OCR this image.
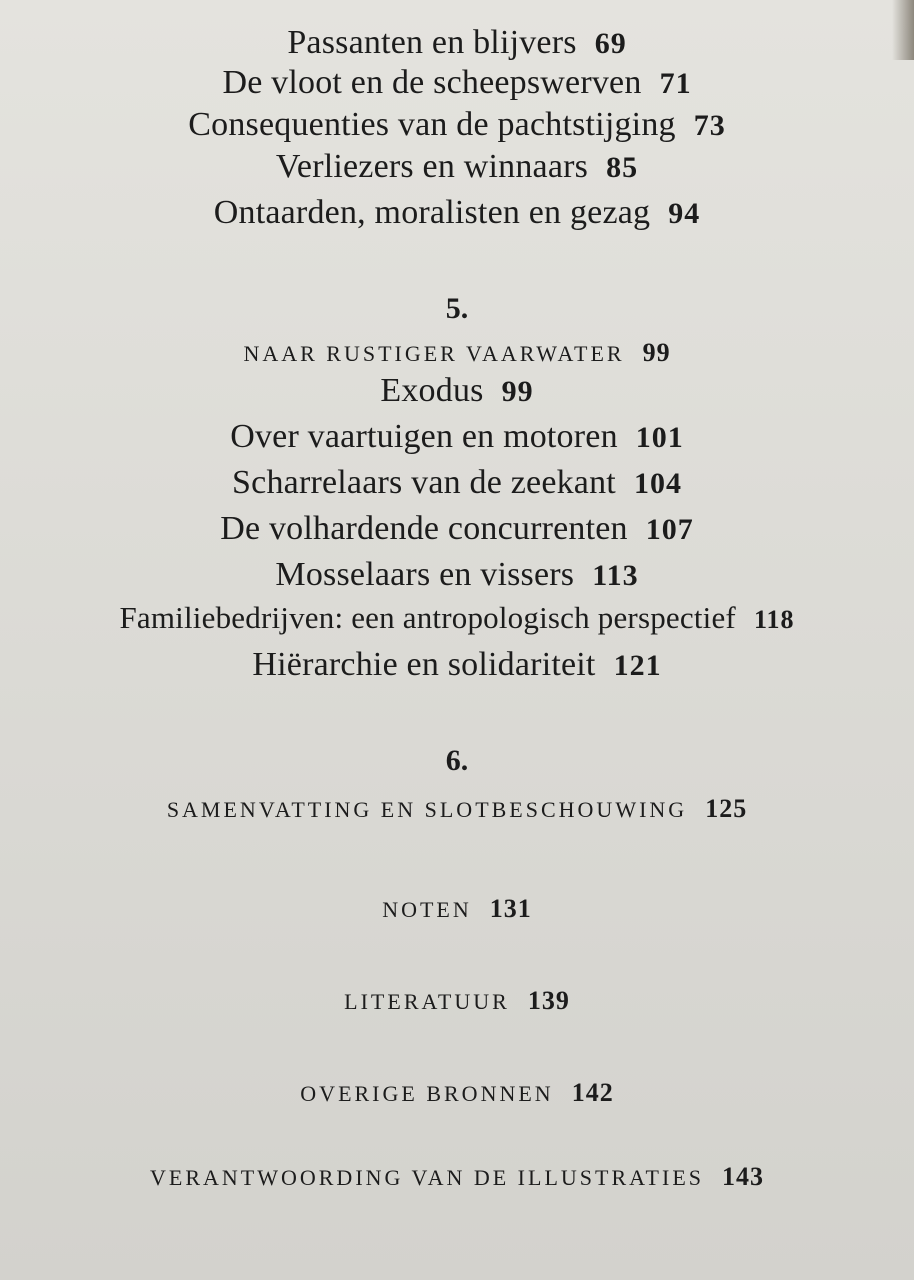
Passanten en blijvers 69
De vloot en de scheepswerven 71
Consequenties van de pachtstijging 73
Verliezers en winnaars 85
Ontaarden, moralisten en gezag 94
5.
NAAR RUSTIGER VAARWATER 99
Exodus 99
Over vaartuigen en motoren 101
Scharrelaars van de zeekant 104
De volhardende concurrenten 107
Mosselaars en vissers 113
Familiebedrijven: een antropologisch perspectief 118
Hiërarchie en solidariteit 121
6.
SAMENVATTING EN SLOTBESCHOUWING 125
NOTEN 131
LITERATUUR 139
OVERIGE BRONNEN 142
VERANTWOORDING VAN DE ILLUSTRATIES 143
